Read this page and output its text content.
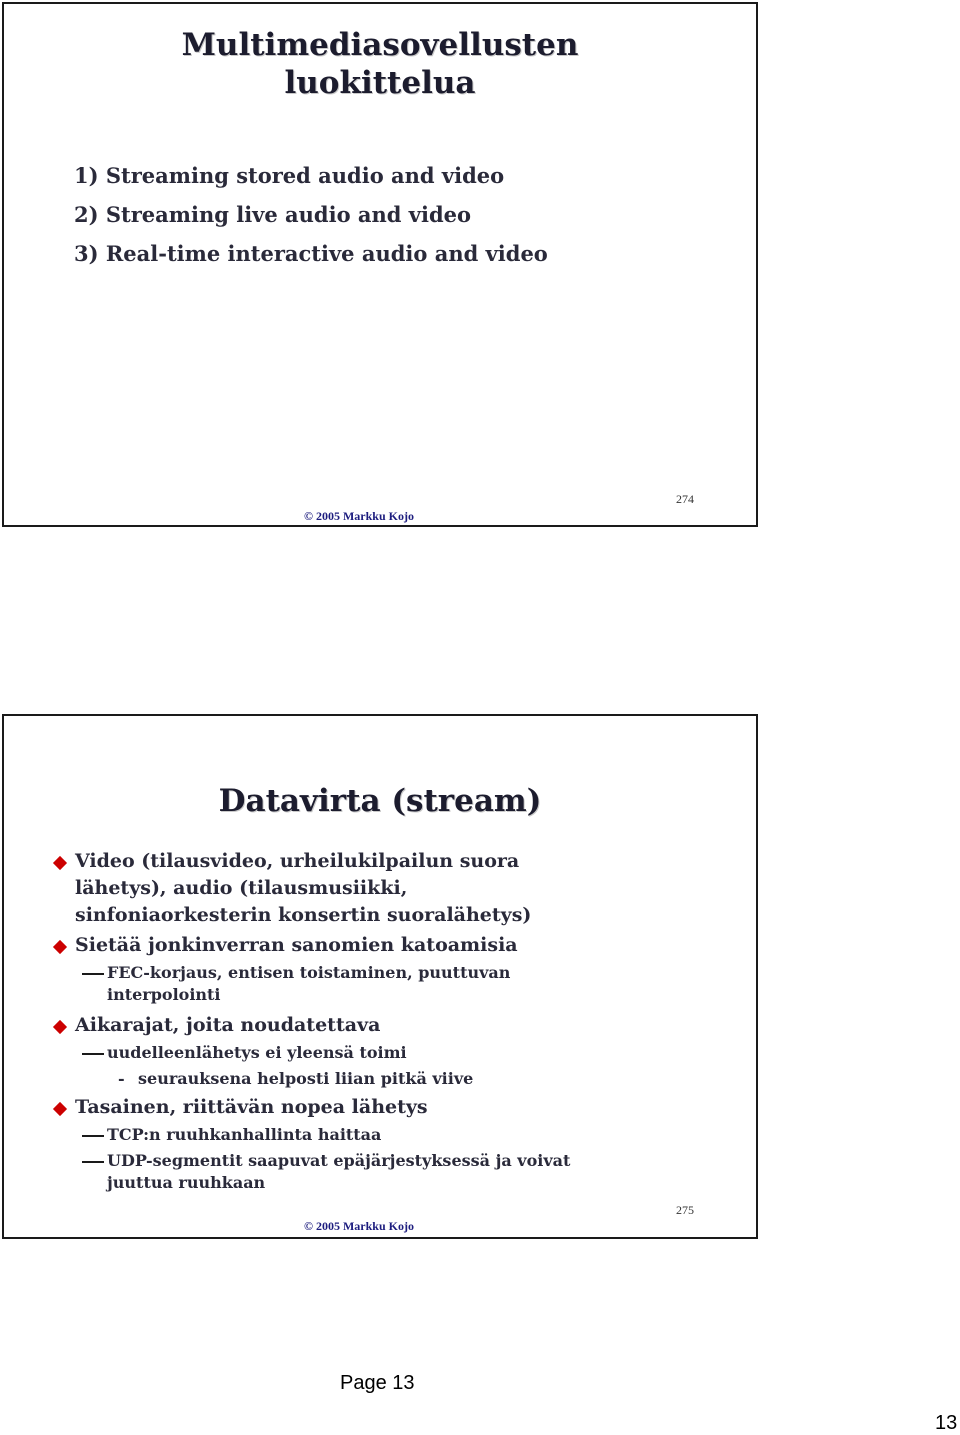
Multimediasovellusten
luokittelua
1) Streaming stored audio and video
2) Streaming live audio and video
3) Real-time interactive audio and video
274
© 2005 Markku Kojo
Datavirta (stream)
Video (tilausvideo, urheilukilpailun suora
lähetys), audio (tilausmusiikki,
sinfoniaorkesterin konsertin suoralähetys)
Sietää jonkinverran sanomien katoamisia
FEC-korjaus, entisen toistaminen, puuttuvan
interpolointi
Aikarajat, joita noudatettava
uudelleenlähetys ei yleensä toimi
- seurauksena helposti liian pitkä viive
Tasainen, riittävän nopea lähetys
TCP:n ruuhkanhallinta haittaa
UDP-segmentit saapuvat epäjärjestyksessä ja voivat
juuttua ruuhkaan
275
© 2005 Markku Kojo
Page 13
13
